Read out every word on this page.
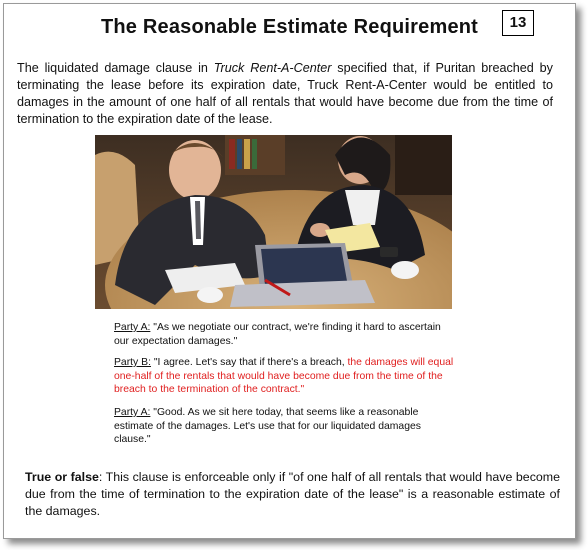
The Reasonable Estimate Requirement	13
The liquidated damage clause in Truck Rent-A-Center specified that, if Puritan breached by terminating the lease before its expiration date, Truck Rent-A-Center would be entitled to damages in the amount of one half of all rentals that would have become due from the time of termination to the expiration date of the lease.
Party A: "As we negotiate our contract, we're finding it hard to ascertain our expectation damages."
Party B: "I agree. Let's say that if there's a breach, the damages will equal one-half of the rentals that would have become due from the time of the breach to the termination of the contract."
Party A: "Good. As we sit here today, that seems like a reasonable estimate of the damages. Let's use that for our liquidated damages clause."
True or false: This clause is enforceable only if "of one half of all rentals that would have become due from the time of termination to the expiration date of the lease" is a reasonable estimate of the damages.
